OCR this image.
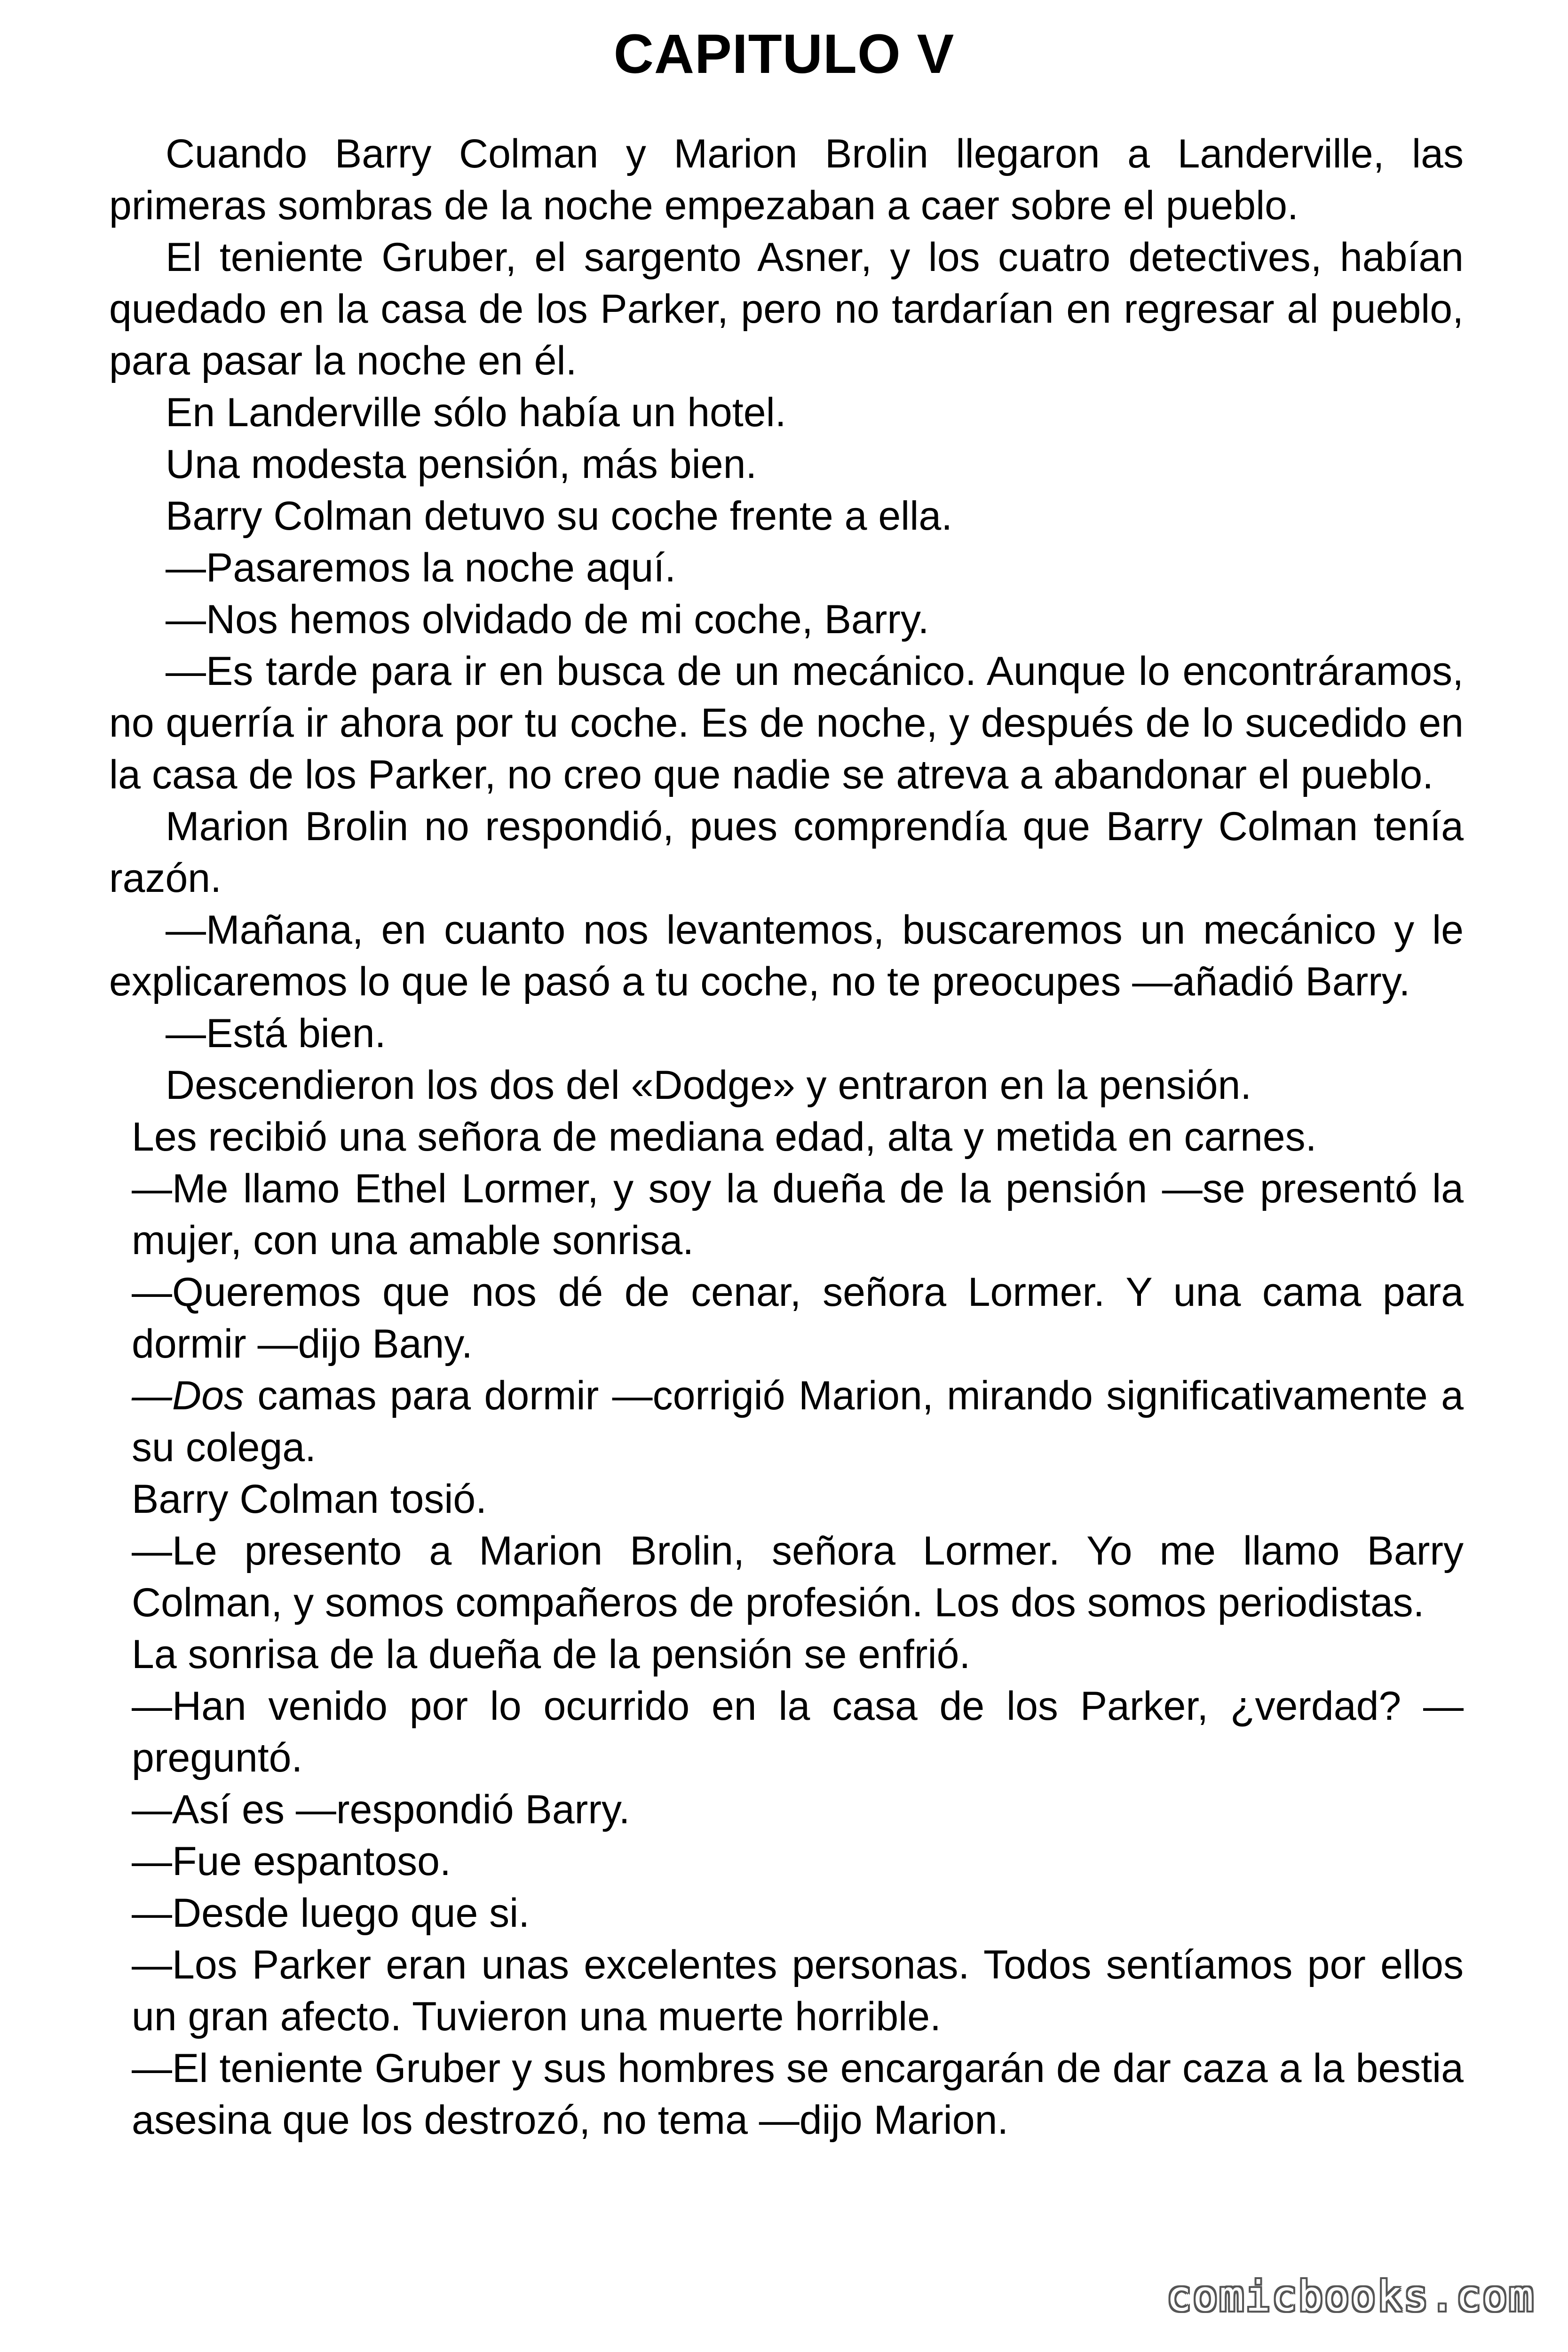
CAPITULO V

Cuando Barry Colman y Marion Brolin llegaron a Landerville, las primeras sombras de la noche empezaban a caer sobre el pueblo.

El teniente Gruber, el sargento Asner, y los cuatro detectives, habían quedado en la casa de los Parker, pero no tardarían en regresar al pueblo, para pasar la noche en él.

En Landerville sólo había un hotel.

Una modesta pensión, más bien.

Barry Colman detuvo su coche frente a ella.

—Pasaremos la noche aquí.

—Nos hemos olvidado de mi coche, Barry.

—Es tarde para ir en busca de un mecánico. Aunque lo encontráramos, no querría ir ahora por tu coche. Es de noche, y después de lo sucedido en la casa de los Parker, no creo que nadie se atreva a abandonar el pueblo.

Marion Brolin no respondió, pues comprendía que Barry Colman tenía razón.

—Mañana, en cuanto nos levantemos, buscaremos un mecánico y le explicaremos lo que le pasó a tu coche, no te preocupes —añadió Barry.

—Está bien.

Descendieron los dos del «Dodge» y entraron en la pensión.

Les recibió una señora de mediana edad, alta y metida en carnes.

—Me llamo Ethel Lormer, y soy la dueña de la pensión —se presentó la mujer, con una amable sonrisa.

—Queremos que nos dé de cenar, señora Lormer. Y una cama para dormir —dijo Bany.

—Dos camas para dormir —corrigió Marion, mirando significativamente a su colega.

Barry Colman tosió.

—Le presento a Marion Brolin, señora Lormer. Yo me llamo Barry Colman, y somos compañeros de profesión. Los dos somos periodistas.

La sonrisa de la dueña de la pensión se enfrió.

—Han venido por lo ocurrido en la casa de los Parker, ¿verdad? —preguntó.

—Así es —respondió Barry.

—Fue espantoso.

—Desde luego que si.

—Los Parker eran unas excelentes personas. Todos sentíamos por ellos un gran afecto. Tuvieron una muerte horrible.

—El teniente Gruber y sus hombres se encargarán de dar caza a la bestia asesina que los destrozó, no tema —dijo Marion.

comicbooks.com
